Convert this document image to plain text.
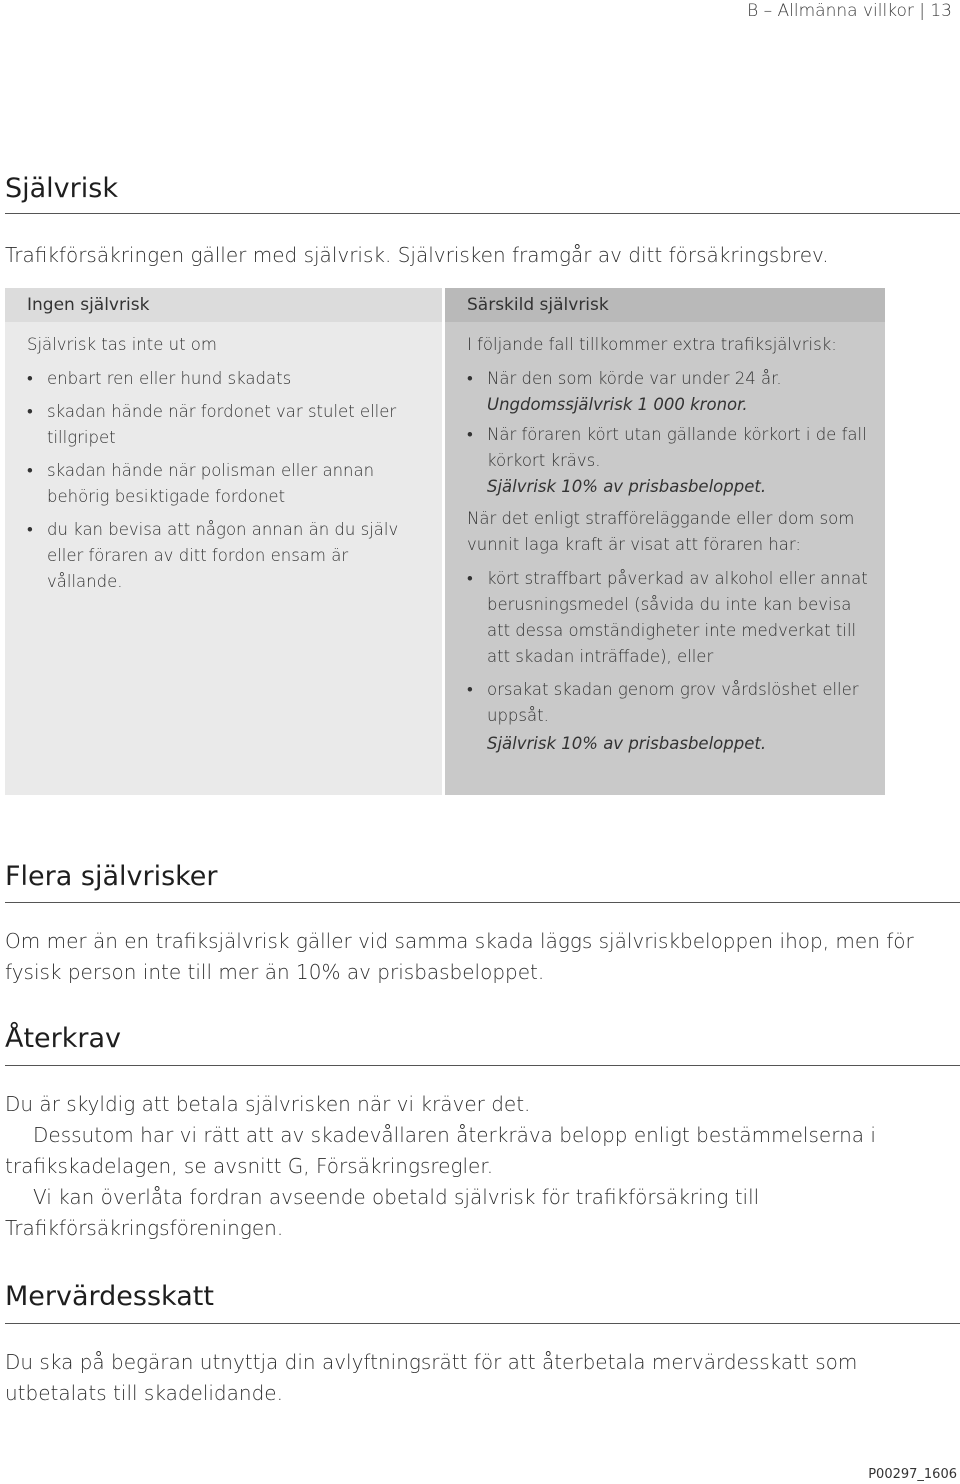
B – Allmänna villkor | 13
Självrisk
Trafikförsäkringen gäller med självrisk. Självrisken framgår av ditt försäkringsbrev.
Ingen självrisk

Självrisk tas inte ut om

• enbart ren eller hund skadats
• skadan hände när fordonet var stulet eller tillgripet
• skadan hände när polisman eller annan behörig besiktigade fordonet
• du kan bevisa att någon annan än du själv eller föraren av ditt fordon ensam är vållande.
Särskild självrisk

I följande fall tillkommer extra trafiksjälvrisk:

• När den som körde var under 24 år.
Ungdomssjälvrisk 1 000 kronor.
• När föraren kört utan gällande körkort i de fall körkort krävs.
Självrisk 10% av prisbasbeloppet.

När det enligt strafföreläggande eller dom som vunnit laga kraft är visat att föraren har:

• kört straffbart påverkad av alkohol eller annat berusningsmedel (såvida du inte kan bevisa att dessa omständigheter inte medverkat till att skadan inträffade), eller
• orsakat skadan genom grov vårdslöshet eller uppsåt.

Självrisk 10% av prisbasbeloppet.

Flera självrisker
Om mer än en trafiksjälvrisk gäller vid samma skada läggs självriskbeloppen ihop, men för fysisk person inte till mer än 10% av prisbasbeloppet.
Återkrav
Du är skyldig att betala självrisken när vi kräver det.
Dessutom har vi rätt att av skadevållaren återkräva belopp enligt bestämmelserna i trafikskadelagen, se avsnitt G, Försäkringsregler.
Vi kan överlåta fordran avseende obetald självrisk för trafikförsäkring till Trafikförsäkringsföreningen.
Mervärdesskatt
Du ska på begäran utnyttja din avlyftningsrätt för att återbetala mervärdesskatt som utbetalats till skadelidande.
P00297_1606
